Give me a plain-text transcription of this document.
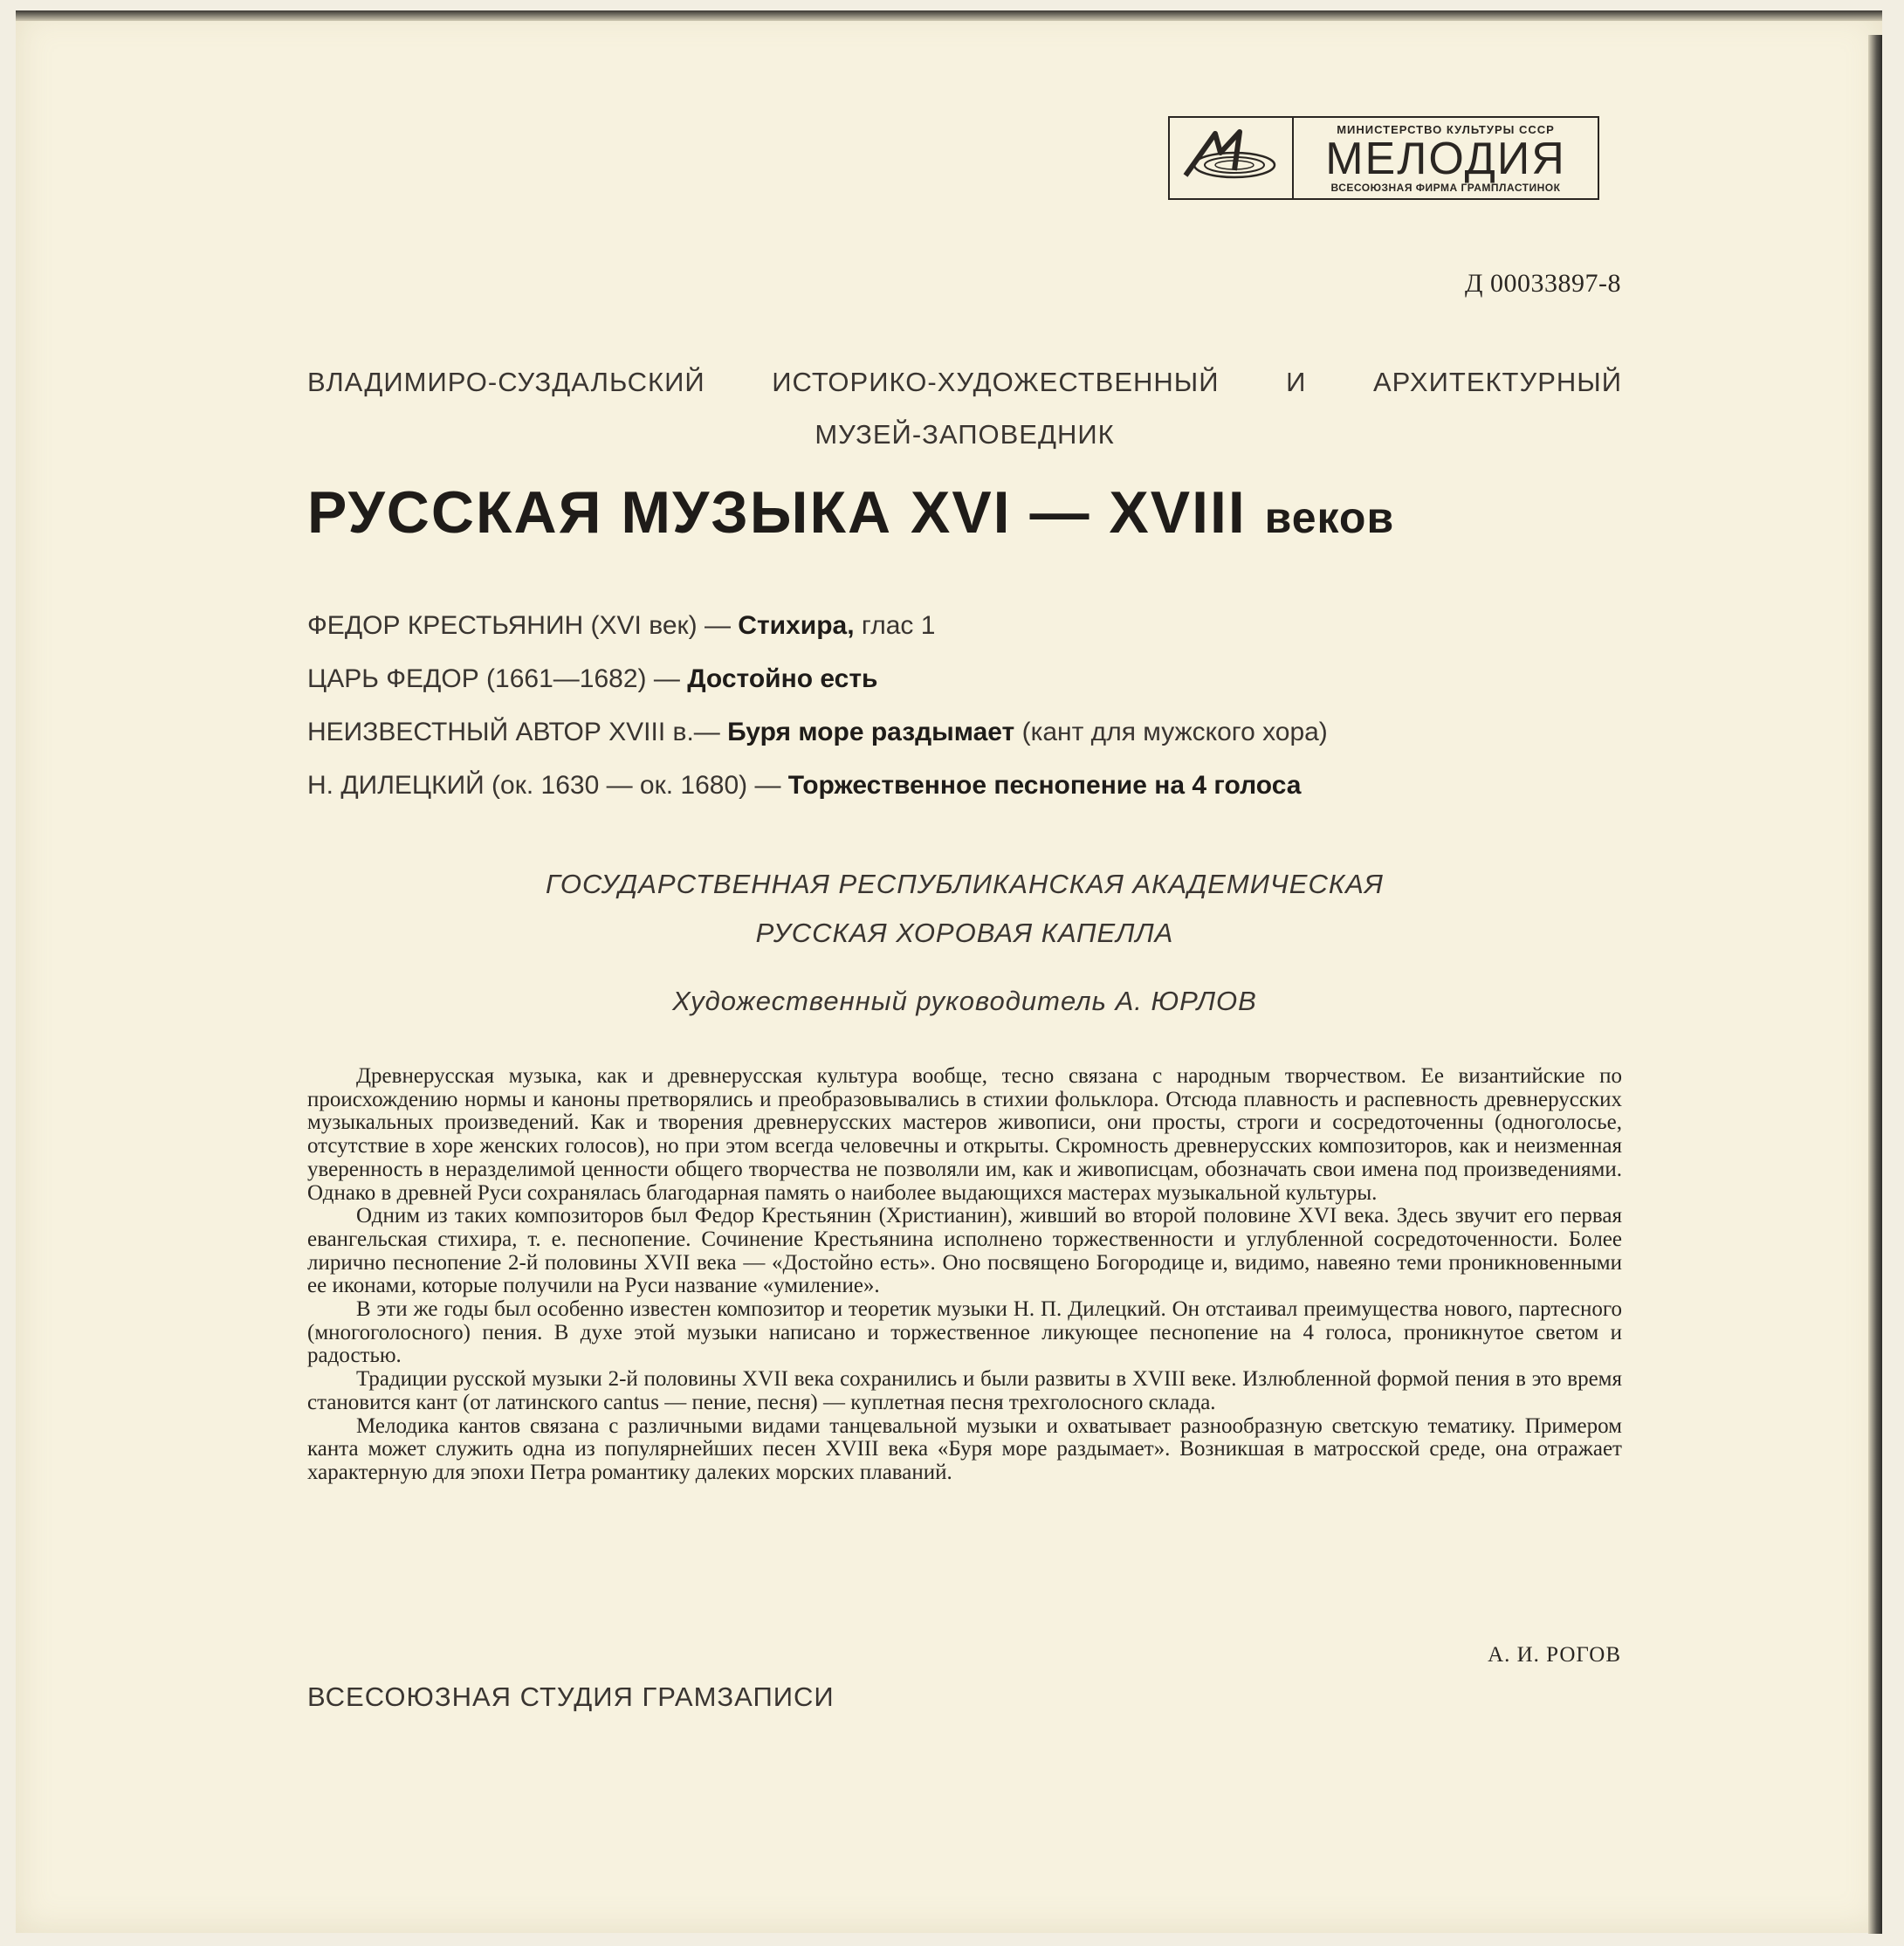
МИНИСТЕРСТВО КУЛЬТУРЫ СССР
МЕЛОДИЯ
ВСЕСОЮЗНАЯ ФИРМА ГРАМПЛАСТИНОК
Д 00033897-8
ВЛАДИМИРО-СУЗДАЛЬСКИЙ ИСТОРИКО-ХУДОЖЕСТВЕННЫЙ И АРХИТЕКТУРНЫЙ
МУЗЕЙ-ЗАПОВЕДНИК
РУССКАЯ МУЗЫКА XVI — XVIII веков
ФЕДОР КРЕСТЬЯНИН (XVI век) — Стихира, глас 1
ЦАРЬ ФЕДОР (1661—1682) — Достойно есть
НЕИЗВЕСТНЫЙ АВТОР XVIII в.— Буря море раздымает (кант для мужского хора)
Н. ДИЛЕЦКИЙ (ок. 1630 — ок. 1680) — Торжественное песнопение на 4 голоса
ГОСУДАРСТВЕННАЯ РЕСПУБЛИКАНСКАЯ АКАДЕМИЧЕСКАЯ
РУССКАЯ ХОРОВАЯ КАПЕЛЛА
Художественный руководитель А. ЮРЛОВ

Древнерусская музыка, как и древнерусская культура вообще, тесно связана с народным творчеством. Ее византийские по происхождению нормы и каноны претворялись и преобразовывались в стихии фольклора. Отсюда плавность и распевность древнерусских музыкальных произведений. Как и творения древнерусских мастеров живописи, они просты, строги и сосредоточенны (одноголосье, отсутствие в хоре женских голосов), но при этом всегда человечны и открыты. Скромность древнерусских композиторов, как и неизменная уверенность в неразделимой ценности общего творчества не позволяли им, как и живописцам, обозначать свои имена под произведениями. Однако в древней Руси сохранялась благодарная память о наиболее выдающихся мастерах музыкальной культуры.

Одним из таких композиторов был Федор Крестьянин (Христианин), живший во второй половине XVI века. Здесь звучит его первая евангельская стихира, т. е. песнопение. Сочинение Крестьянина исполнено торжественности и углубленной сосредоточенности. Более лирично песнопение 2-й половины XVII века — «Достойно есть». Оно посвящено Богородице и, видимо, навеяно теми проникновенными ее иконами, которые получили на Руси название «умиление».

В эти же годы был особенно известен композитор и теоретик музыки Н. П. Дилецкий. Он отстаивал преимущества нового, партесного (многоголосного) пения. В духе этой музыки написано и торжественное ликующее песнопение на 4 голоса, проникнутое светом и радостью.

Традиции русской музыки 2-й половины XVII века сохранились и были развиты в XVIII веке. Излюбленной формой пения в это время становится кант (от латинского cantus — пение, песня) — куплетная песня трехголосного склада.

Мелодика кантов связана с различными видами танцевальной музыки и охватывает разнообразную светскую тематику. Примером канта может служить одна из популярнейших песен XVIII века «Буря море раздымает». Возникшая в матросской среде, она отражает характерную для эпохи Петра романтику далеких морских плаваний.

А. И. РОГОВ
ВСЕСОЮЗНАЯ СТУДИЯ ГРАМЗАПИСИ
